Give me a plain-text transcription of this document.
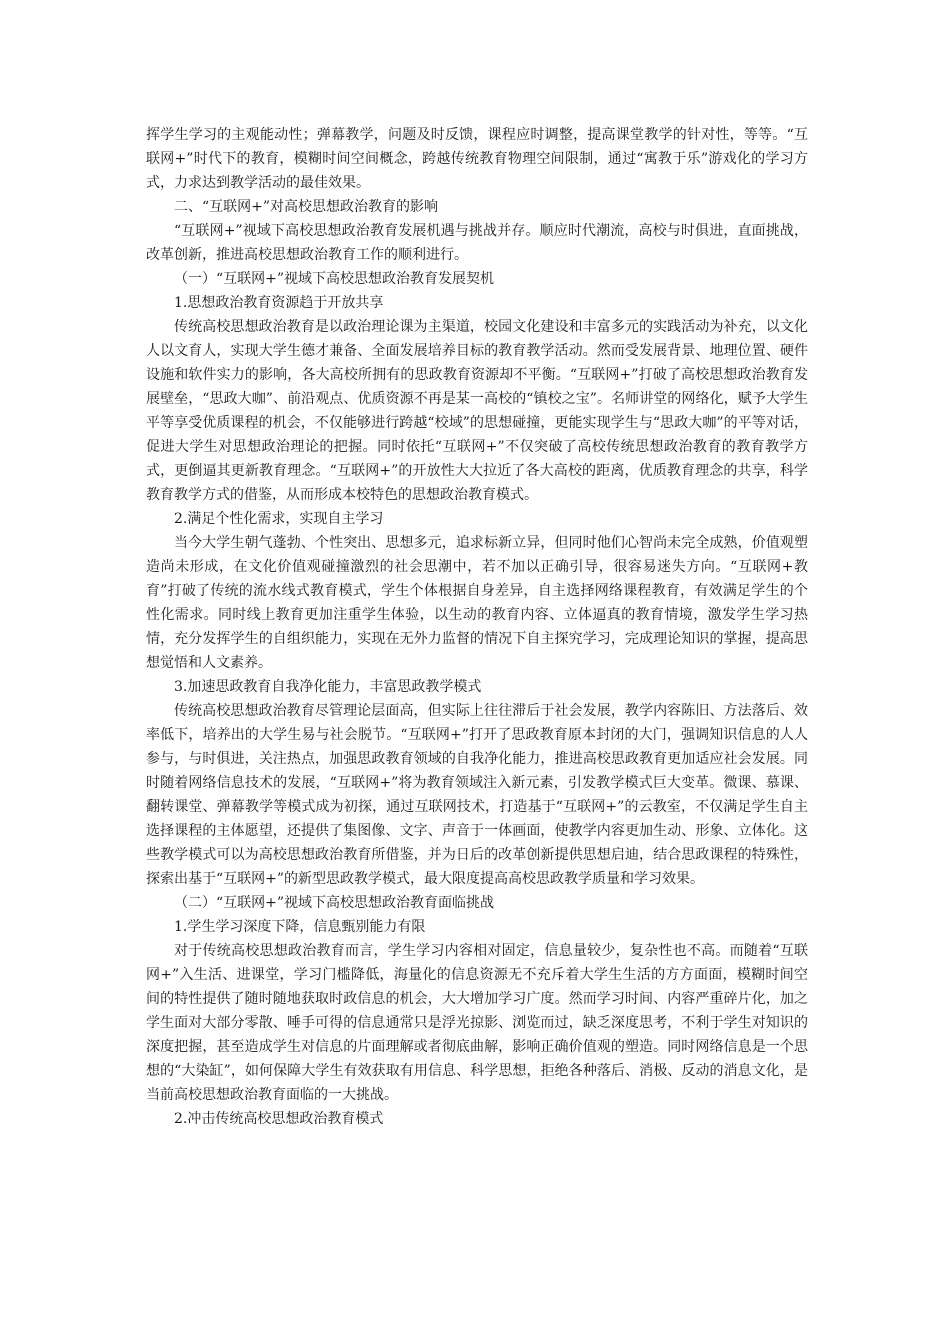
挥学生学习的主观能动性；弹幕教学，问题及时反馈，课程应时调整，提高课堂教学的针对性，等等。“互联网+”时代下的教育，模糊时间空间概念，跨越传统教育物理空间限制，通过“寓教于乐”游戏化的学习方式，力求达到教学活动的最佳效果。

二、“互联网+”对高校思想政治教育的影响

“互联网+”视域下高校思想政治教育发展机遇与挑战并存。顺应时代潮流，高校与时俱进，直面挑战，改革创新，推进高校思想政治教育工作的顺利进行。

（一）“互联网+”视域下高校思想政治教育发展契机

1.思想政治教育资源趋于开放共享

传统高校思想政治教育是以政治理论课为主渠道，校园文化建设和丰富多元的实践活动为补充，以文化人以文育人，实现大学生德才兼备、全面发展培养目标的教育教学活动。然而受发展背景、地理位置、硬件设施和软件实力的影响，各大高校所拥有的思政教育资源却不平衡。“互联网+”打破了高校思想政治教育发展壁垒，“思政大咖”、前沿观点、优质资源不再是某一高校的“镇校之宝”。名师讲堂的网络化，赋予大学生平等享受优质课程的机会，不仅能够进行跨越“校域”的思想碰撞，更能实现学生与“思政大咖”的平等对话，促进大学生对思想政治理论的把握。同时依托“互联网+”不仅突破了高校传统思想政治教育的教育教学方式，更倒逼其更新教育理念。“互联网+”的开放性大大拉近了各大高校的距离，优质教育理念的共享，科学教育教学方式的借鉴，从而形成本校特色的思想政治教育模式。

2.满足个性化需求，实现自主学习

当今大学生朝气蓬勃、个性突出、思想多元，追求标新立异，但同时他们心智尚未完全成熟，价值观塑造尚未形成，在文化价值观碰撞激烈的社会思潮中，若不加以正确引导，很容易迷失方向。“互联网+教育”打破了传统的流水线式教育模式，学生个体根据自身差异，自主选择网络课程教育，有效满足学生的个性化需求。同时线上教育更加注重学生体验，以生动的教育内容、立体逼真的教育情境，激发学生学习热情，充分发挥学生的自组织能力，实现在无外力监督的情况下自主探究学习，完成理论知识的掌握，提高思想觉悟和人文素养。

3.加速思政教育自我净化能力，丰富思政教学模式

传统高校思想政治教育尽管理论层面高，但实际上往往滞后于社会发展，教学内容陈旧、方法落后、效率低下，培养出的大学生易与社会脱节。“互联网+”打开了思政教育原本封闭的大门，强调知识信息的人人参与，与时俱进，关注热点，加强思政教育领域的自我净化能力，推进高校思政教育更加适应社会发展。同时随着网络信息技术的发展，“互联网+”将为教育领域注入新元素，引发教学模式巨大变革。微课、慕课、翻转课堂、弹幕教学等模式成为初探，通过互联网技术，打造基于“互联网+”的云教室，不仅满足学生自主选择课程的主体愿望，还提供了集图像、文字、声音于一体画面，使教学内容更加生动、形象、立体化。这些教学模式可以为高校思想政治教育所借鉴，并为日后的改革创新提供思想启迪，结合思政课程的特殊性，探索出基于“互联网+”的新型思政教学模式，最大限度提高高校思政教学质量和学习效果。

（二）“互联网+”视域下高校思想政治教育面临挑战

1.学生学习深度下降，信息甄别能力有限

对于传统高校思想政治教育而言，学生学习内容相对固定，信息量较少，复杂性也不高。而随着“互联网+”入生活、进课堂，学习门槛降低，海量化的信息资源无不充斥着大学生生活的方方面面，模糊时间空间的特性提供了随时随地获取时政信息的机会，大大增加学习广度。然而学习时间、内容严重碎片化，加之学生面对大部分零散、唾手可得的信息通常只是浮光掠影、浏览而过，缺乏深度思考，不利于学生对知识的深度把握，甚至造成学生对信息的片面理解或者彻底曲解，影响正确价值观的塑造。同时网络信息是一个思想的“大染缸”，如何保障大学生有效获取有用信息、科学思想，拒绝各种落后、消极、反动的消息文化，是当前高校思想政治教育面临的一大挑战。

2.冲击传统高校思想政治教育模式
